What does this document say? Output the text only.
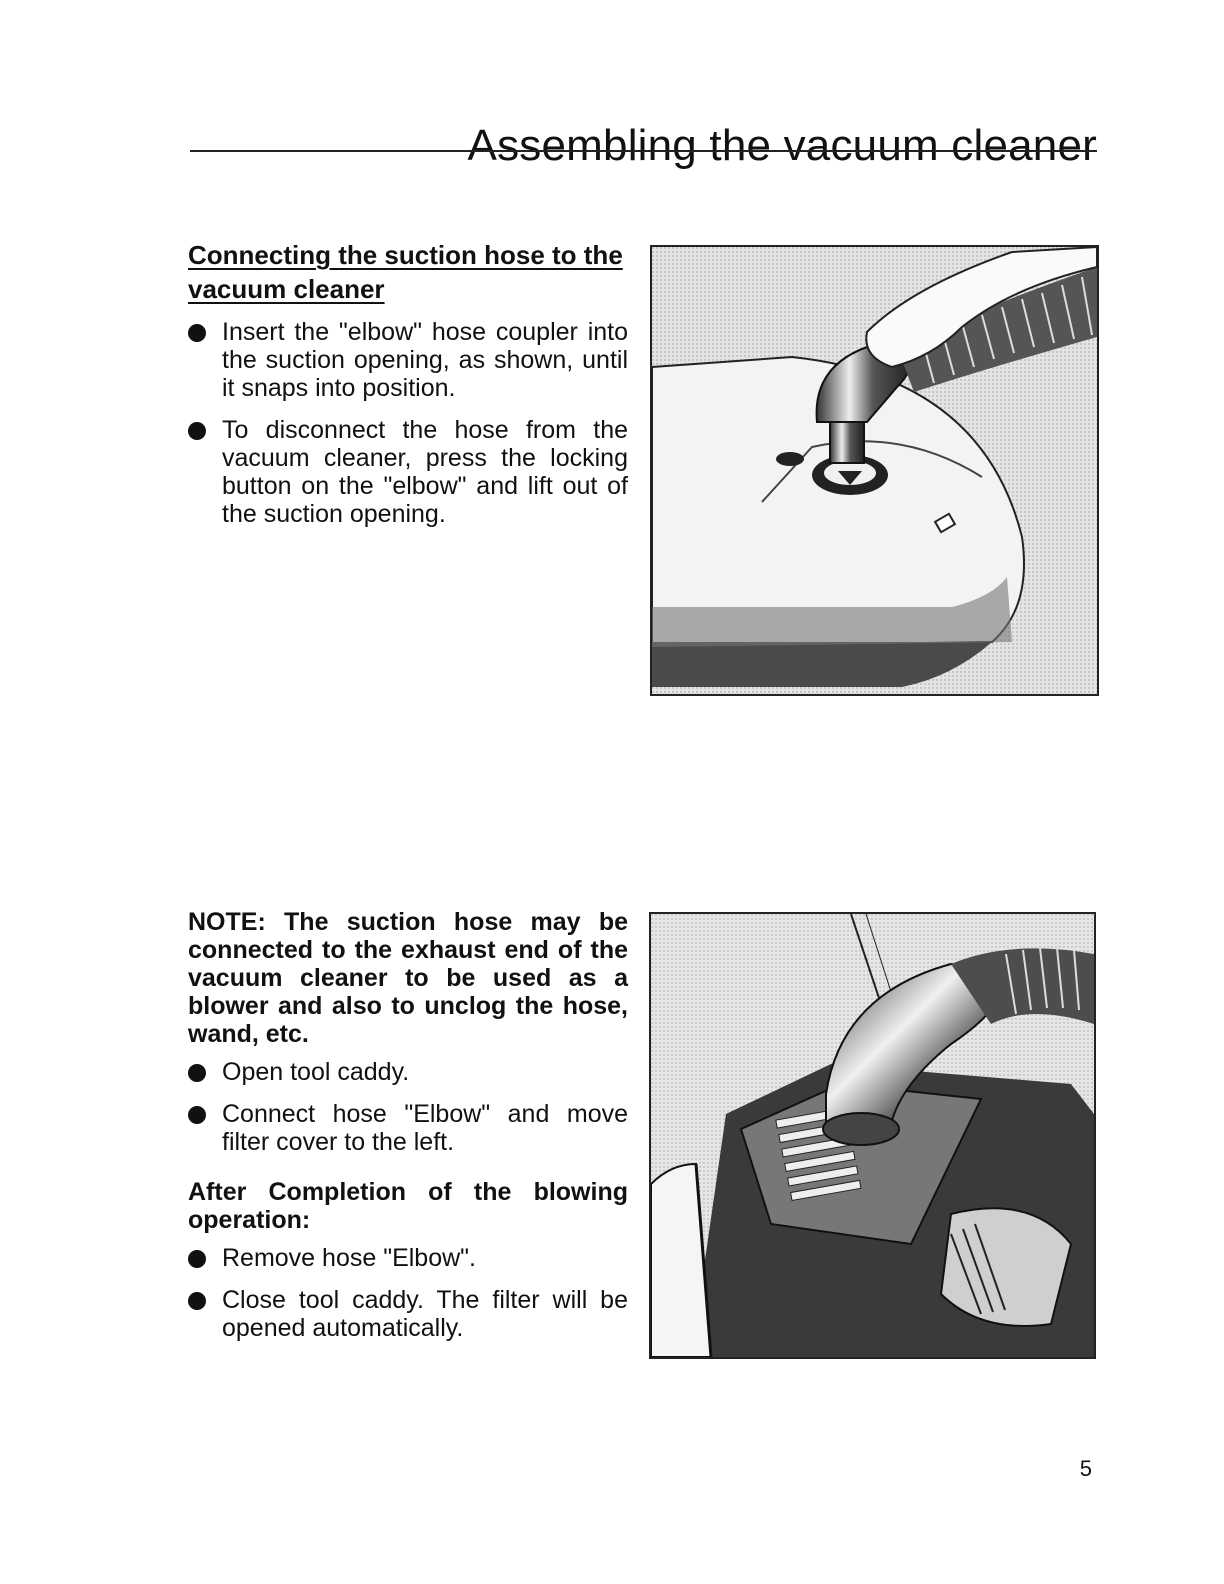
Assembling the vacuum cleaner
Connecting the suction hose to the vacuum cleaner
Insert the "elbow" hose coupler into the suction opening, as shown, until it snaps into position.
To disconnect the hose from the vacuum cleaner, press the locking button on the "elbow" and lift out of the suction opening.

NOTE: The suction hose may be connected to the exhaust end of the vacuum cleaner to be used as a blower and also to unclog the hose, wand, etc.

Open tool caddy.
Connect hose "Elbow" and move filter cover to the left.

After Completion of the blowing operation:

Remove hose "Elbow".
Close tool caddy. The filter will be opened automatically.
5
